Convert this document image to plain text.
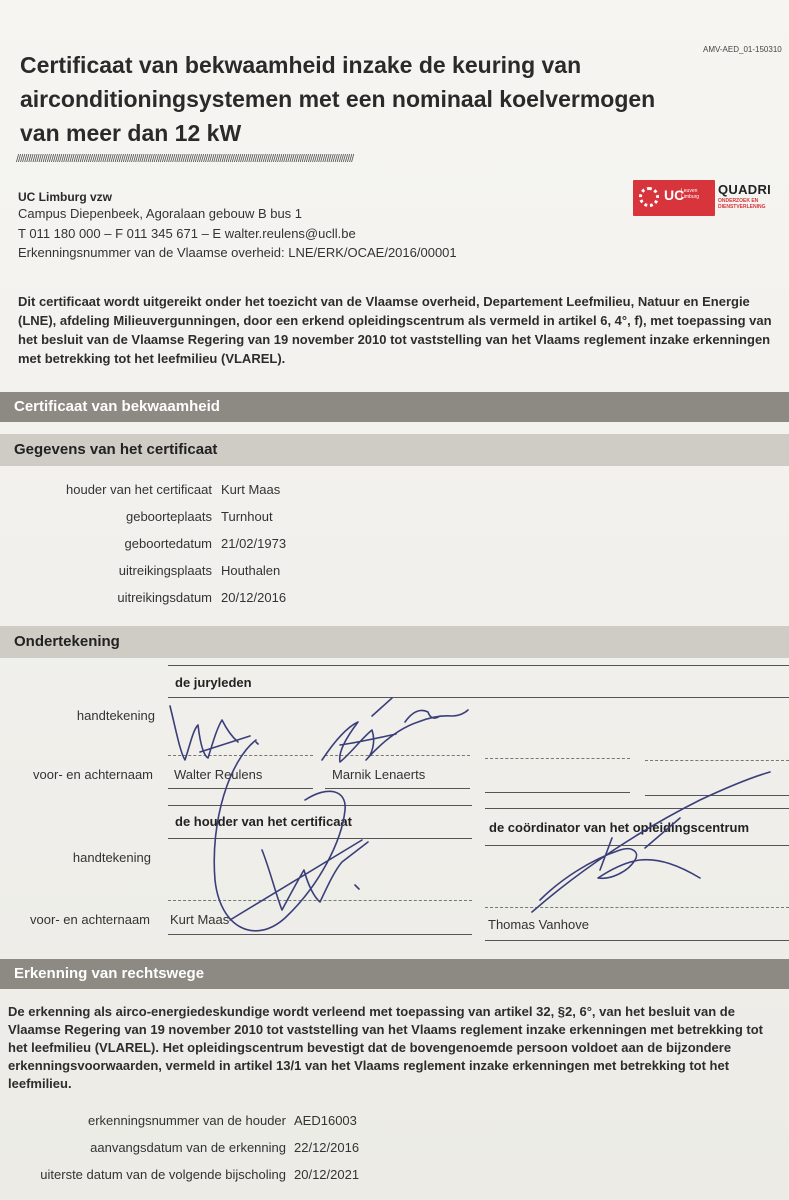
AMV-AED_01-150310
Certificaat van bekwaamheid inzake de keuring van airconditioningsystemen met een nominaal koelvermogen van meer dan 12 kW
////////////////////////////////////////////////////////////////////////////////////////////////////////////////////////////////////////////////////////////////////
UC Limburg vzw
Campus Diepenbeek, Agoralaan gebouw B bus 1
T 011 180 000 – F 011 345 671 – E walter.reulens@ucll.be
Erkenningsnummer van de Vlaamse overheid: LNE/ERK/OCAE/2016/00001
UC
Leuven Limburg	QUADRI
ONDERZOEK EN DIENSTVERLENING
Dit certificaat wordt uitgereikt onder het toezicht van de Vlaamse overheid, Departement Leefmilieu, Natuur en Energie (LNE), afdeling Milieuvergunningen, door een erkend opleidingscentrum als vermeld in artikel 6, 4°, f), met toepassing van het besluit van de Vlaamse Regering van 19 november 2010 tot vaststelling van het Vlaams reglement inzake erkenningen met betrekking tot het leefmilieu (VLAREL).
Certificaat van bekwaamheid
Gegevens van het certificaat
houder van het certificaat Kurt Maas
geboorteplaats Turnhout
geboortedatum 21/02/1973
uitreikingsplaats Houthalen
uitreikingsdatum 20/12/2016
Ondertekening
de juryleden
handtekening
voor- en achternaam Walter Reulens	Marnik Lenaerts
de houder van het certificaat	de coördinator van het opleidingscentrum
handtekening
voor- en achternaam Kurt Maas	Thomas Vanhove
Erkenning van rechtswege
De erkenning als airco-energiedeskundige wordt verleend met toepassing van artikel 32, §2, 6°, van het besluit van de Vlaamse Regering van 19 november 2010 tot vaststelling van het Vlaams reglement inzake erkenningen met betrekking tot het leefmilieu (VLAREL). Het opleidingscentrum bevestigt dat de bovengenoemde persoon voldoet aan de bijzondere erkenningsvoorwaarden, vermeld in artikel 13/1 van het Vlaams reglement inzake erkenningen met betrekking tot het leefmilieu.
erkenningsnummer van de houder AED16003
aanvangsdatum van de erkenning 22/12/2016
uiterste datum van de volgende bijscholing 20/12/2021
